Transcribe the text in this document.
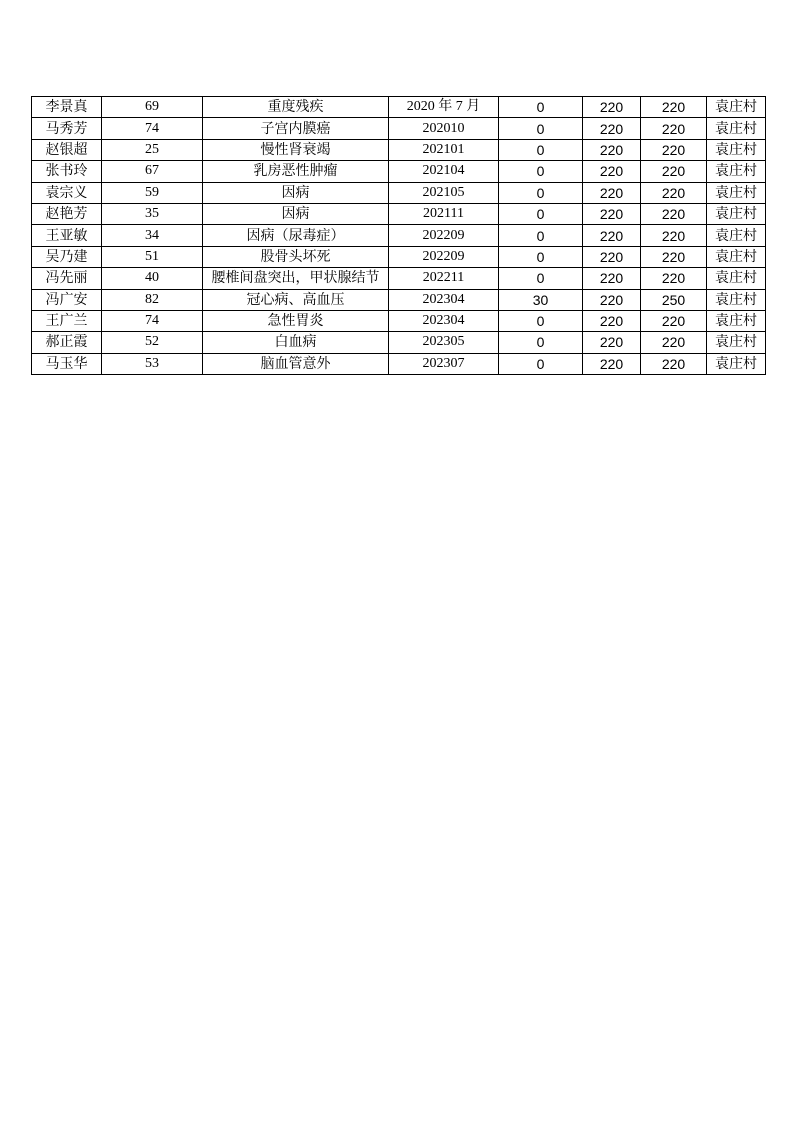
李景真	69	重度残疾	2020 年 7 月	0	220	220	袁庄村
马秀芳	74	子宫内膜癌	202010	0	220	220	袁庄村
赵银超	25	慢性肾衰竭	202101	0	220	220	袁庄村
张书玲	67	乳房恶性肿瘤	202104	0	220	220	袁庄村
袁宗义	59	因病	202105	0	220	220	袁庄村
赵艳芳	35	因病	202111	0	220	220	袁庄村
王亚敏	34	因病（尿毒症）	202209	0	220	220	袁庄村
吴乃建	51	股骨头坏死	202209	0	220	220	袁庄村
冯先丽	40	腰椎间盘突出，甲状腺结节	202211	0	220	220	袁庄村
冯广安	82	冠心病、高血压	202304	30	220	250	袁庄村
王广兰	74	急性胃炎	202304	0	220	220	袁庄村
郝正霞	52	白血病	202305	0	220	220	袁庄村
马玉华	53	脑血管意外	202307	0	220	220	袁庄村
